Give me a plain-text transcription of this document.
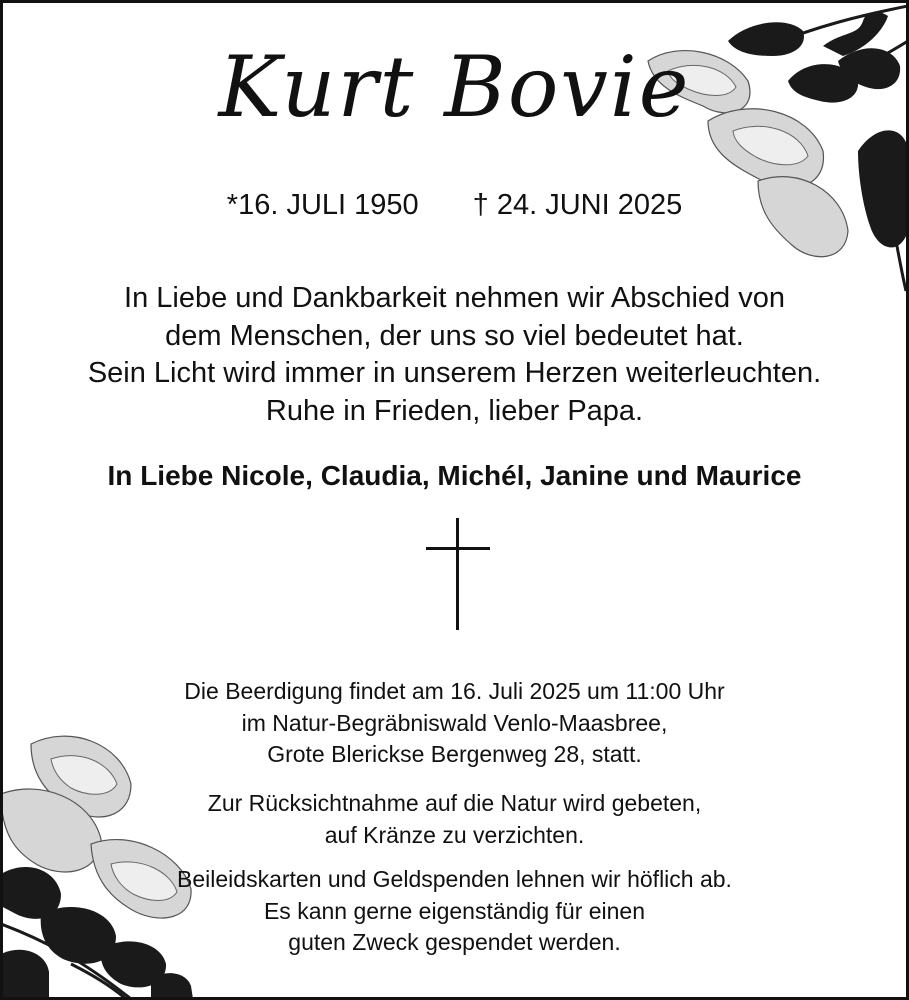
Kurt Bovie
*16. JULI 1950 † 24. JUNI 2025
In Liebe und Dankbarkeit nehmen wir Abschied von
dem Menschen, der uns so viel bedeutet hat.
Sein Licht wird immer in unserem Herzen weiterleuchten.
Ruhe in Frieden, lieber Papa.
In Liebe Nicole, Claudia, Michél, Janine und Maurice
Die Beerdigung findet am 16. Juli 2025 um 11:00 Uhr
im Natur-Begräbniswald Venlo-Maasbree,
Grote Blerickse Bergenweg 28, statt.
Zur Rücksichtnahme auf die Natur wird gebeten,
auf Kränze zu verzichten.
Beileidskarten und Geldspenden lehnen wir höflich ab.
Es kann gerne eigenständig für einen
guten Zweck gespendet werden.
